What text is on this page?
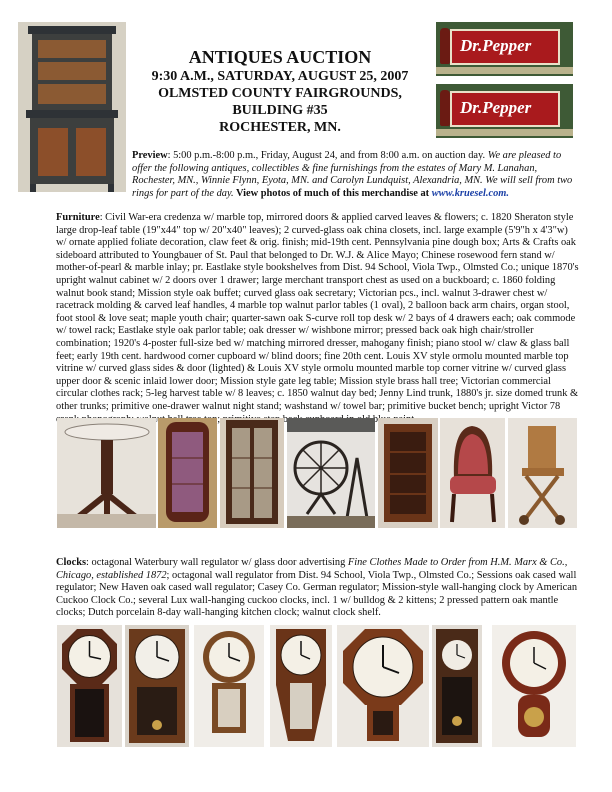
ANTIQUES AUCTION
9:30 A.M., SATURDAY, AUGUST 25, 2007
OLMSTED COUNTY FAIRGROUNDS,
BUILDING #35
ROCHESTER, MN.
Dr.Pepper
Dr.Pepper
Preview: 5:00 p.m.-8:00 p.m., Friday, August 24, and from 8:00 a.m. on auction day. We are pleased to offer the following antiques, collectibles & fine furnishings from the estates of Mary M. Lanahan, Rochester, MN., Winnie Flynn, Eyota, MN. and Carolyn Lundquist, Alexandria, MN. We will sell from two rings for part of the day. View photos of much of this merchandise at www.kruesel.com.
Furniture: Civil War-era credenza w/ marble top, mirrored doors & applied carved leaves & flowers; c. 1820 Sheraton style large drop-leaf table (19"x44" top w/ 20"x40" leaves); 2 curved-glass oak china closets, incl. large example (5'9"h x 4'3"w) w/ ornate applied foliate decoration, claw feet & orig. finish; mid-19th cent. Pennsylvania pine dough box; Arts & Crafts oak sideboard attributed to Youngbauer of St. Paul that belonged to Dr. W.J. & Alice Mayo; Chinese rosewood fern stand w/ mother-of-pearl & marble inlay; pr. Eastlake style bookshelves from Dist. 94 School, Viola Twp., Olmsted Co.; unique 1870's upright walnut cabinet w/ 2 doors over 1 drawer; large merchant transport chest as used on a buckboard; c. 1860 folding walnut book stand; Mission style oak buffet; curved glass oak secretary; Victorian pcs., incl. walnut 3-drawer chest w/ racetrack molding & carved leaf handles, 4 marble top walnut parlor tables (1 oval), 2 balloon back arm chairs, organ stool, foot stool & love seat; maple youth chair; quarter-sawn oak S-curve roll top desk w/ 2 bays of 4 drawers each; oak commode w/ towel rack; Eastlake style oak parlor table; oak dresser w/ wishbone mirror; pressed back oak high chair/stroller combination; 1920's 4-poster full-size bed w/ matching mirrored dresser, mahogany finish; piano stool w/ claw & glass ball feet; early 19th cent. hardwood corner cupboard w/ blind doors; fine 20th cent. Louis XV style ormolu mounted marble top vitrine w/ curved glass sides & door (lighted) & Louis XV style ormolu mounted marble top corner vitrine w/ curved glass upper door & scenic inlaid lower door; Mission style gate leg table; Mission style brass hall tree; Victorian commercial circular clothes rack; 5-leg harvest table w/ 8 leaves; c. 1850 walnut day bed; Jenny Lind trunk, 1880's jr. size domed trunk & other trunks; primitive one-drawer walnut night stand; washstand w/ towel bar; primitive bucket bench; upright Victor 78
Clocks: octagonal Waterbury wall regulator w/ glass door advertising Fine Clothes Made to Order from H.M. Marx & Co., Chicago, established 1872; octagonal wall regulator from Dist. 94 School, Viola Twp., Olmsted Co.; Sessions oak cased wall regulator; New Haven oak cased wall regulator; Casey Co. German regulator; Mission-style wall-hanging clock by American Cuckoo Clock Co.; several Lux wall-hanging cuckoo clocks, incl. 1 w/ bulldog & 2 kittens; 2 pressed pattern oak mantle clocks; Dutch porcelain 8-day wall-hanging kitchen clock; walnut clock shelf.
